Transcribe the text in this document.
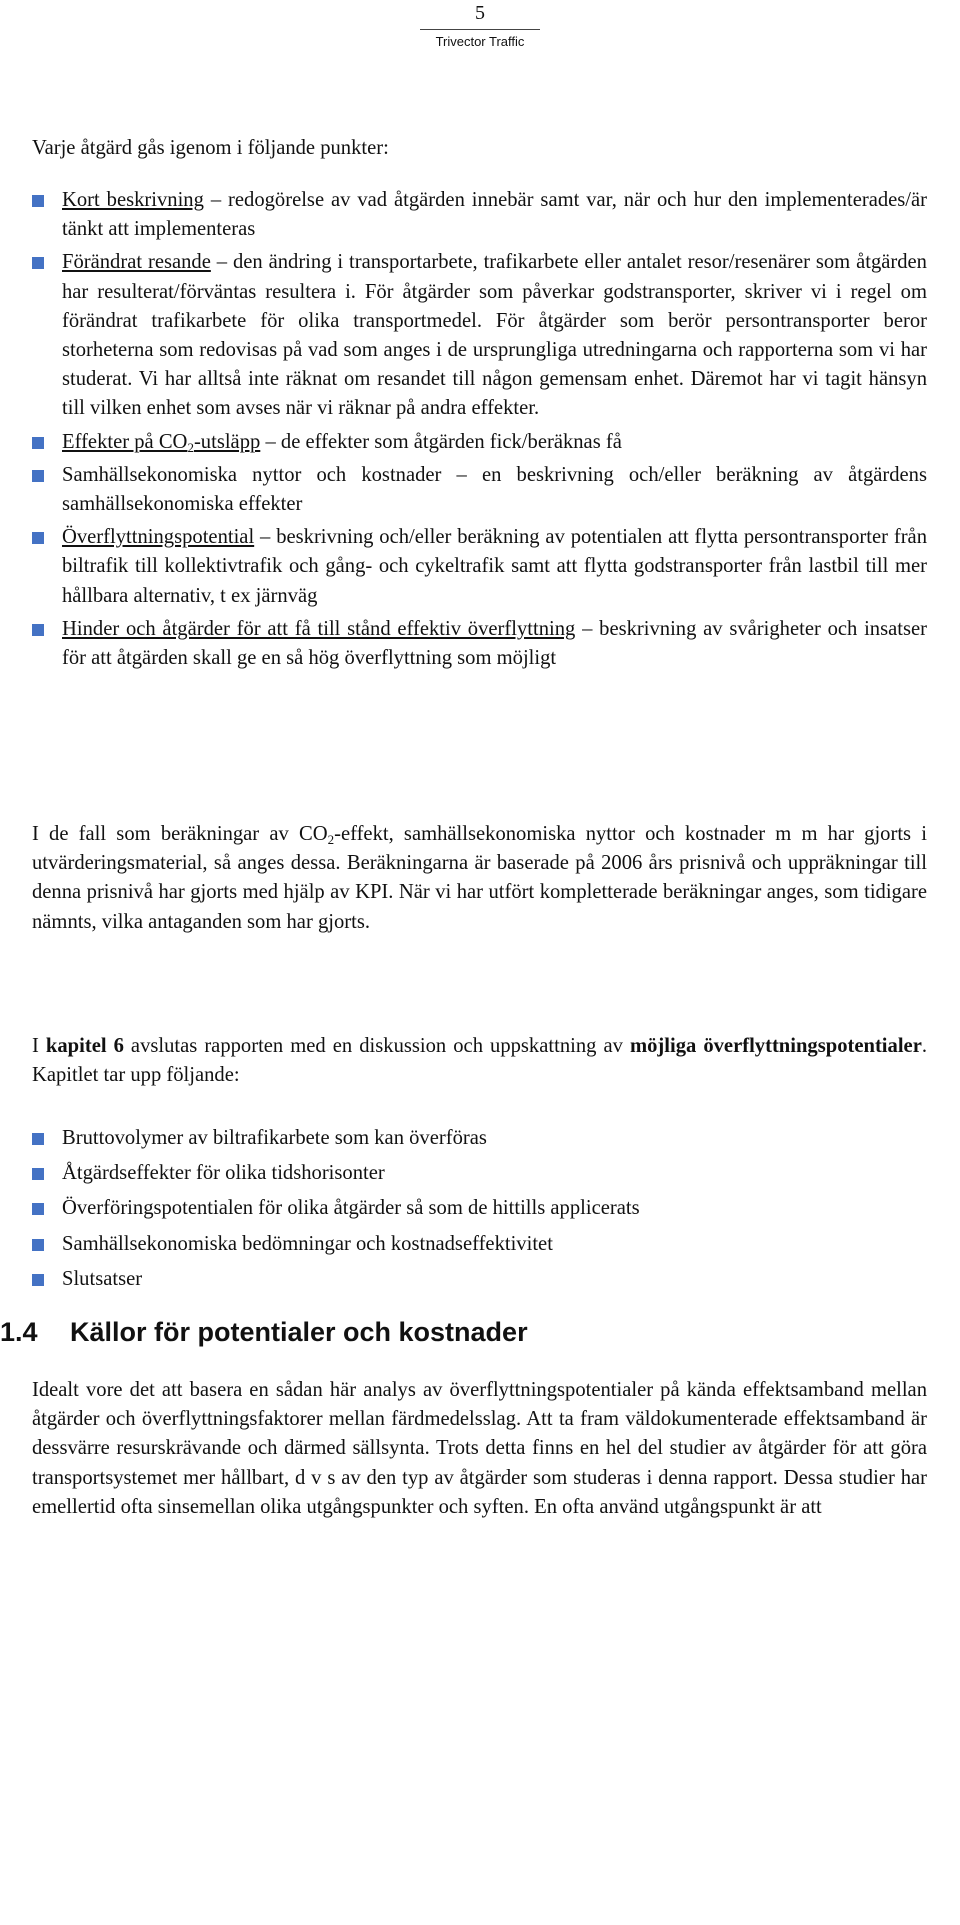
5
Trivector Traffic

Varje åtgärd gås igenom i följande punkter:

Kort beskrivning – redogörelse av vad åtgärden innebär samt var, när och hur den implementerades/är tänkt att implementeras
Förändrat resande – den ändring i transportarbete, trafikarbete eller antalet resor/resenärer som åtgärden har resulterat/förväntas resultera i. För åtgärder som påverkar godstransporter, skriver vi i regel om förändrat trafikarbete för olika transportmedel. För åtgärder som berör persontransporter beror storheterna som redovisas på vad som anges i de ursprungliga utredningarna och rapporterna som vi har studerat. Vi har alltså inte räknat om resandet till någon gemensam enhet. Däremot har vi tagit hänsyn till vilken enhet som avses när vi räknar på andra effekter.
Effekter på $CO_2$-utsläpp – de effekter som åtgärden fick/beräknas få
Samhällsekonomiska nyttor och kostnader – en beskrivning och/eller beräkning av åtgärdens samhällsekonomiska effekter
Överflyttningspotential – beskrivning och/eller beräkning av potentialen att flytta persontransporter från biltrafik till kollektivtrafik och gång- och cykeltrafik samt att flytta godstransporter från lastbil till mer hållbara alternativ, t ex järnväg
Hinder och åtgärder för att få till stånd effektiv överflyttning – beskrivning av svårigheter och insatser för att åtgärden skall ge en så hög överflyttning som möjligt

I de fall som beräkningar av $CO_2$-effekt, samhällsekonomiska nyttor och kostnader m m har gjorts i utvärderingsmaterial, så anges dessa. Beräkningarna är baserade på 2006 års prisnivå och uppräkningar till denna prisnivå har gjorts med hjälp av KPI. När vi har utfört kompletterade beräkningar anges, som tidigare nämnts, vilka antaganden som har gjorts.

I kapitel 6 avslutas rapporten med en diskussion och uppskattning av möjliga överflyttningspotentialer. Kapitlet tar upp följande:

Bruttovolymer av biltrafikarbete som kan överföras
Åtgärdseffekter för olika tidshorisonter
Överföringspotentialen för olika åtgärder så som de hittills applicerats
Samhällsekonomiska bedömningar och kostnadseffektivitet
Slutsatser
1.4 Källor för potentialer och kostnader

Idealt vore det att basera en sådan här analys av överflyttningspotentialer på kända effektsamband mellan åtgärder och överflyttningsfaktorer mellan färdmedelsslag. Att ta fram väldokumenterade effektsamband är dessvärre resurskrävande och därmed sällsynta. Trots detta finns en hel del studier av åtgärder för att göra transportsystemet mer hållbart, d v s av den typ av åtgärder som studeras i denna rapport. Dessa studier har emellertid ofta sinsemellan olika utgångspunkter och syften. En ofta använd utgångspunkt är att
